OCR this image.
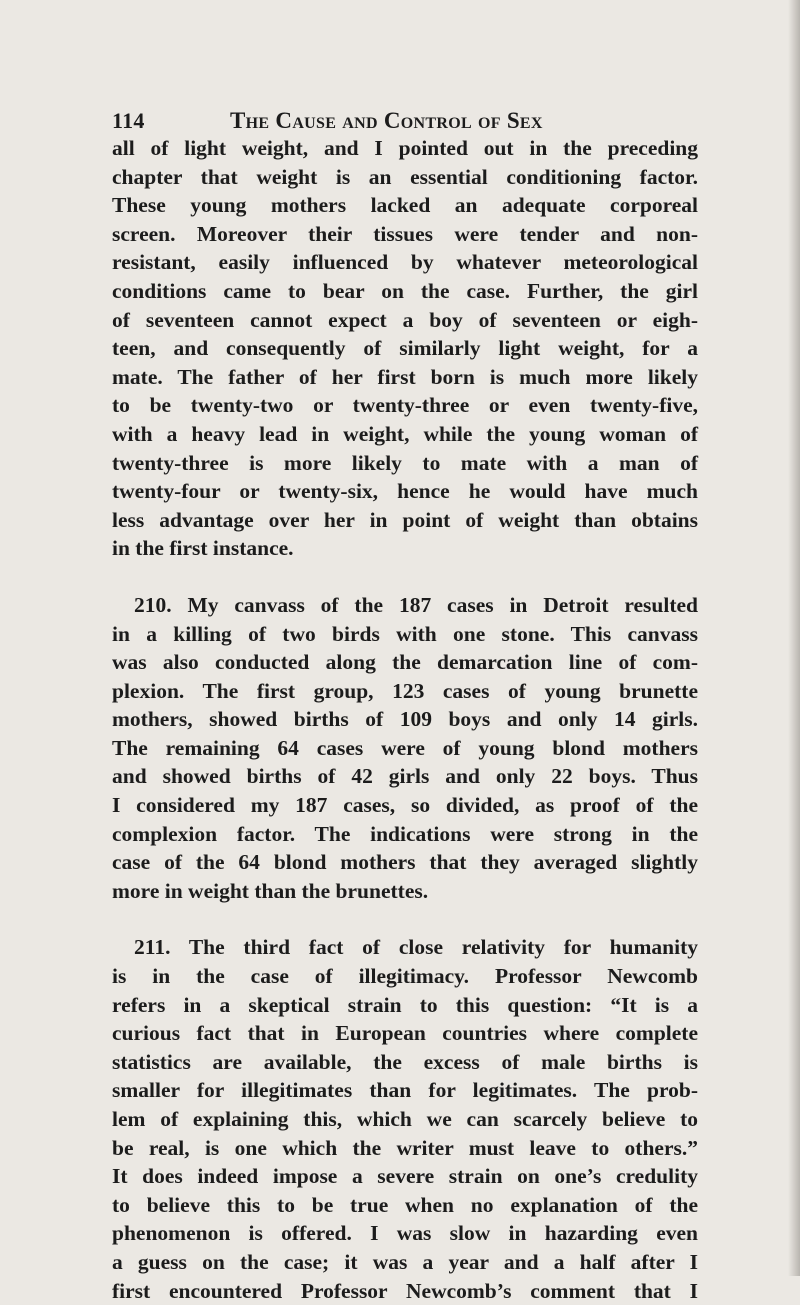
114	The Cause and Control of Sex
all of light weight, and I pointed out in the preceding
chapter that weight is an essential conditioning factor.
These young mothers lacked an adequate corporeal
screen. Moreover their tissues were tender and non-
resistant, easily influenced by whatever meteorological
conditions came to bear on the case. Further, the girl
of seventeen cannot expect a boy of seventeen or eigh-
teen, and consequently of similarly light weight, for a
mate. The father of her first born is much more likely
to be twenty-two or twenty-three or even twenty-five,
with a heavy lead in weight, while the young woman of
twenty-three is more likely to mate with a man of
twenty-four or twenty-six, hence he would have much
less advantage over her in point of weight than obtains
in the first instance.
210. My canvass of the 187 cases in Detroit resulted
in a killing of two birds with one stone. This canvass
was also conducted along the demarcation line of com-
plexion. The first group, 123 cases of young brunette
mothers, showed births of 109 boys and only 14 girls.
The remaining 64 cases were of young blond mothers
and showed births of 42 girls and only 22 boys. Thus
I considered my 187 cases, so divided, as proof of the
complexion factor. The indications were strong in the
case of the 64 blond mothers that they averaged slightly
more in weight than the brunettes.
211. The third fact of close relativity for humanity
is in the case of illegitimacy. Professor Newcomb
refers in a skeptical strain to this question: “It is a
curious fact that in European countries where complete
statistics are available, the excess of male births is
smaller for illegitimates than for legitimates. The prob-
lem of explaining this, which we can scarcely believe to
be real, is one which the writer must leave to others.”
It does indeed impose a severe strain on one’s credulity
to believe this to be true when no explanation of the
phenomenon is offered. I was slow in hazarding even
a guess on the case; it was a year and a half after I
first encountered Professor Newcomb’s comment that I
